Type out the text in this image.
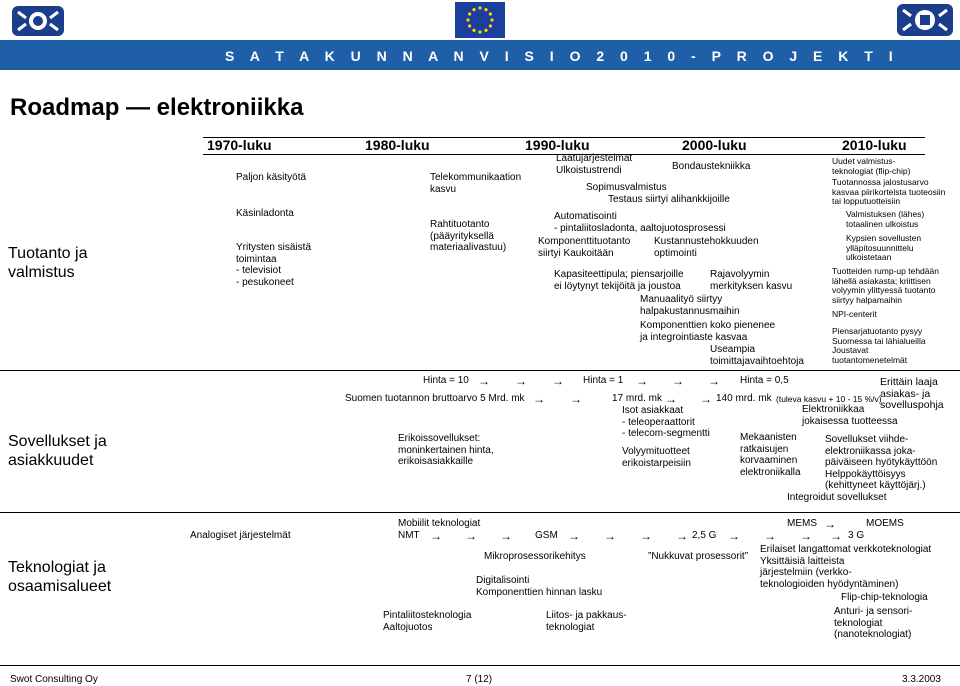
S A T A K U N N A N V I S I O 2 0 1 0 - P R O J E K T I
Roadmap — elektroniikka
1970-luku	1980-luku	1990-luku	2000-luku	2010-luku
Tuotanto ja
valmistus
Sovellukset ja
asiakkuudet
Teknologiat ja
osaamisalueet
Paljon käsityötä
Käsinladonta
Yritysten sisäistä
toimintaa
- televisiot
- pesukoneet
Telekommunikaation
kasvu
Rahtituotanto
(pääyrityksellä
materiaalivastuu)
Laatujärjestelmät
Ulkoistustrendi	Bondaustekniikka
Sopimusvalmistus
Testaus siirtyi alihankkijoille
Automatisointi
- pintaliitosladonta, aaltojuotosprosessi
Komponenttituotanto
siirtyi Kaukoitään
Kustannustehokkuuden
optimointi
Kapasiteettipula; piensarjoille
ei löytynyt tekijöitä ja joustoa
Rajavolyymin
merkityksen kasvu
Manuaalityö siirtyy
halpakustannusmaihin
Komponenttien koko pienenee
ja integrointiaste kasvaa
Useampia
toimittajavaihtoehtoja
Uudet valmistus-
teknologiat (flip-chip)
Tuotannossa jalostusarvo
kasvaa piirikorteista tuoteosiin
tai lopputuotteisiin
Valmistuksen (lähes)
totaalinen ulkoistus
Kypsien sovellusten
ylläpitosuunnittelu
ulkoistetaan
Tuotteiden rump-up tehdään
lähellä asiakasta; kriittisen
volyymin ylittyessä tuotanto
siirtyy halpamaihin
NPI-centerit
Piensarjatuotanto pysyy
Suomessa tai lähialueilla
Joustavat
tuotantomenetelmät
Hinta = 10	Hinta = 1	Hinta = 0,5
→ → →	→ → →
Suomen tuotannon bruttoarvo 5 Mrd. mk → →	17 mrd. mk → → 140 mrd. mk (tuleva kasvu + 10 - 15 %/v)
Erikoissovellukset:
moninkertainen hinta,
erikoisasiakkaille
Isot asiakkaat
- teleoperaattorit
- telecom-segmentti
Volyymituotteet
erikoistarpeisiin
Mekaanisten
ratkaisujen
korvaaminen
elektroniikalla
Elektroniikkaa
jokaisessa tuotteessa
Erittäin laaja
asiakas- ja
sovelluspohja
Sovellukset viihde-
elektroniikassa joka-
päiväiseen hyötykäyttöön
Helppokäyttöisyys
(kehittyneet käyttöjärj.)
Integroidut sovellukset
Analogiset järjestelmät
Mobiilit teknologiat
NMT → → → GSM → → → → 2,5 G → → → → 3 G
MEMS →	MOEMS
Mikroprosessorikehitys	”Nukkuvat prosessorit”
Digitalisointi
Komponenttien hinnan lasku
Pintaliitosteknologia
Aaltojuotos
Liitos- ja pakkaus-
teknologiat
Erilaiset langattomat verkkoteknologiat
Yksittäisiä laitteista
järjestelmiin (verkko-
teknologioiden hyödyntäminen)
Flip-chip-teknologia
Anturi- ja sensori-
teknologiat
(nanoteknologiat)
Swot Consulting Oy	7 (12)	3.3.2003
